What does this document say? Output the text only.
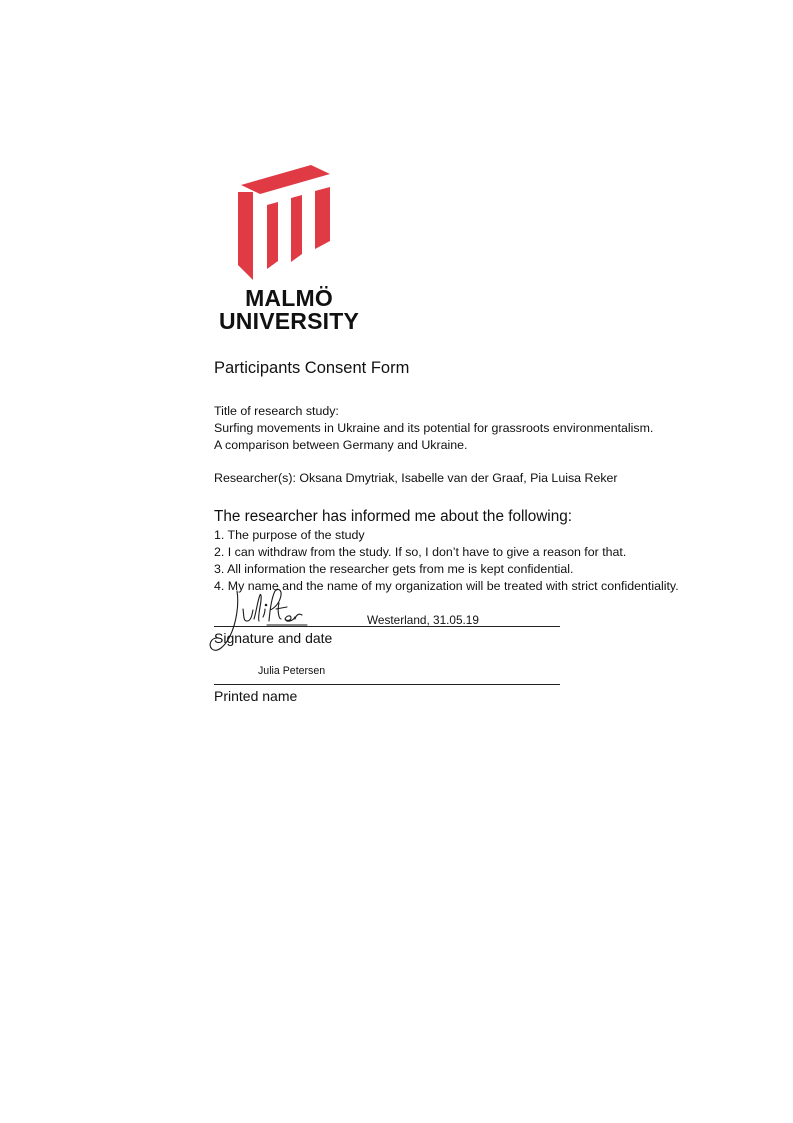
MALMÖ
UNIVERSITY
Participants Consent Form
Title of research study:
Surfing movements in Ukraine and its potential for grassroots environmentalism.
A comparison between Germany and Ukraine.
Researcher(s): Oksana Dmytriak, Isabelle van der Graaf, Pia Luisa Reker
The researcher has informed me about the following:
1. The purpose of the study
2. I can withdraw from the study. If so, I don’t have to give a reason for that.
3. All information the researcher gets from me is kept confidential.
4. My name and the name of my organization will be treated with strict confidentiality.
Westerland, 31.05.19
Signature and date
Julia Petersen
Printed name
